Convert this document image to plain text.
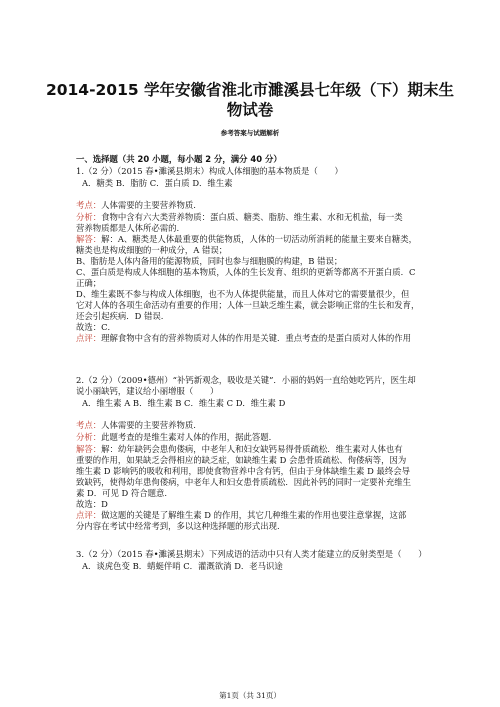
2014-2015 学年安徽省淮北市濉溪县七年级（下）期末生
物试卷
参考答案与试题解析
一、选择题（共 20 小题，每小题 2 分，满分 40 分）
1.（2 分）（2015 春•濉溪县期末）构成人体细胞的基本物质是（　　）
A．糖类 B．脂肪 C．蛋白质 D．维生素
考点：人体需要的主要营养物质.
分析：食物中含有六大类营养物质：蛋白质、糖类、脂肪、维生素、水和无机盐，每一类
营养物质都是人体所必需的.
解答：解：A、糖类是人体最重要的供能物质，人体的一切活动所消耗的能量主要来自糖类，
糖类也是构成细胞的一种成分，A 错误；
B、脂肪是人体内备用的能源物质，同时也参与细胞膜的构建，B 错误；
C、蛋白质是构成人体细胞的基本物质，人体的生长发育、组织的更新等都离不开蛋白质．C
正确；
D、维生素既不参与构成人体细胞，也不为人体提供能量，而且人体对它的需要量很少，但
它对人体的各项生命活动有重要的作用；人体一旦缺乏维生素，就会影响正常的生长和发育，
还会引起疾病．D 错误.
故选：C．
点评：理解食物中含有的营养物质对人体的作用是关键．重点考查的是蛋白质对人体的作用
2.（2 分）（2009•德州）“补钙新观念，吸收是关键”．小丽的妈妈一直给她吃钙片，医生却
说小丽缺钙，建议给小丽增服（　　）
A．维生素 A B．维生素 B C．维生素 C D．维生素 D
考点：人体需要的主要营养物质.
分析：此题考查的是维生素对人体的作用，据此答题.
解答：解：幼年缺钙会患佝偻病，中老年人和妇女缺钙易得骨质疏松．维生素对人体也有
重要的作用，如果缺乏会得相应的缺乏症，如缺维生素 D 会患骨质疏松、佝偻病等，因为
维生素 D 影响钙的吸收和利用，即使食物营养中含有钙，但由于身体缺维生素 D 最终会导
致缺钙，使得幼年患佝偻病，中老年人和妇女患骨质疏松．因此补钙的同时一定要补充维生
素 D．可见 D 符合题意.
故选：D
点评：做这题的关键是了解维生素 D 的作用，其它几种维生素的作用也要注意掌握，这部
分内容在考试中经常考到，多以这种选择题的形式出现.
3.（2 分）（2015 春•濉溪县期末）下列成语的活动中只有人类才能建立的反射类型是（　　）
A．谈虎色变 B．蜻蜓伴哨 C．灌溉欲淌 D．老马识途
第1页（共 31页）
